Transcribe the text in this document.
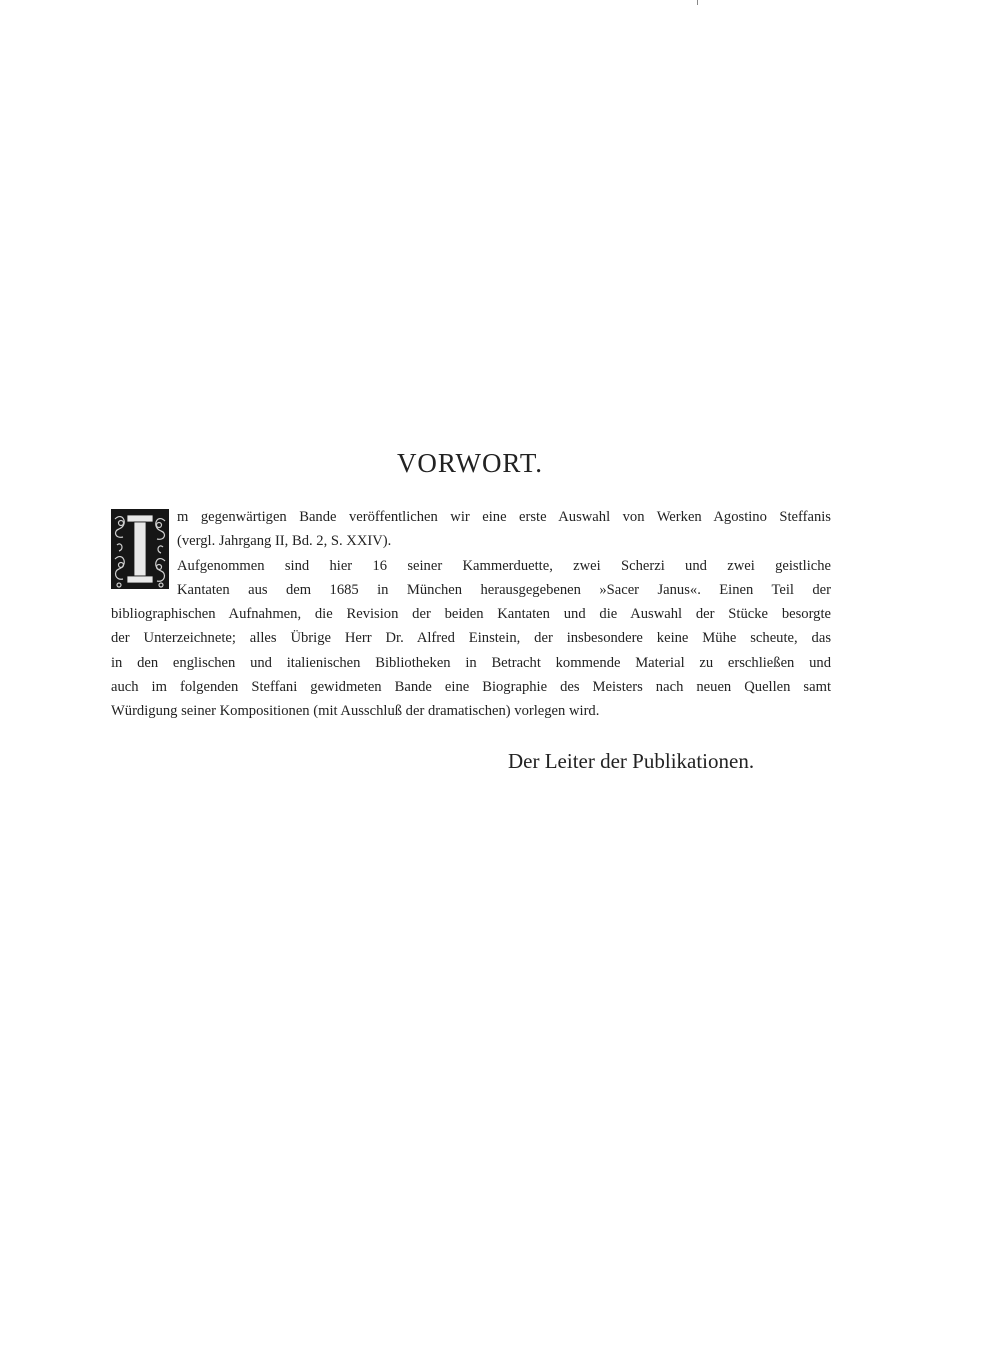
VORWORT.
m gegenwärtigen Bande veröffentlichen wir eine erste Auswahl von Werken Agostino Steffanis
(vergl. Jahrgang II, Bd. 2, S. XXIV).
Aufgenommen sind hier 16 seiner Kammerduette, zwei Scherzi und zwei geistliche
Kantaten aus dem 1685 in München herausgegebenen »Sacer Janus«. Einen Teil der
bibliographischen Aufnahmen, die Revision der beiden Kantaten und die Auswahl der Stücke besorgte
der Unterzeichnete; alles Übrige Herr Dr. Alfred Einstein, der insbesondere keine Mühe scheute, das
in den englischen und italienischen Bibliotheken in Betracht kommende Material zu erschließen und
auch im folgenden Steffani gewidmeten Bande eine Biographie des Meisters nach neuen Quellen samt
Würdigung seiner Kompositionen (mit Ausschluß der dramatischen) vorlegen wird.

Der Leiter der Publikationen.
